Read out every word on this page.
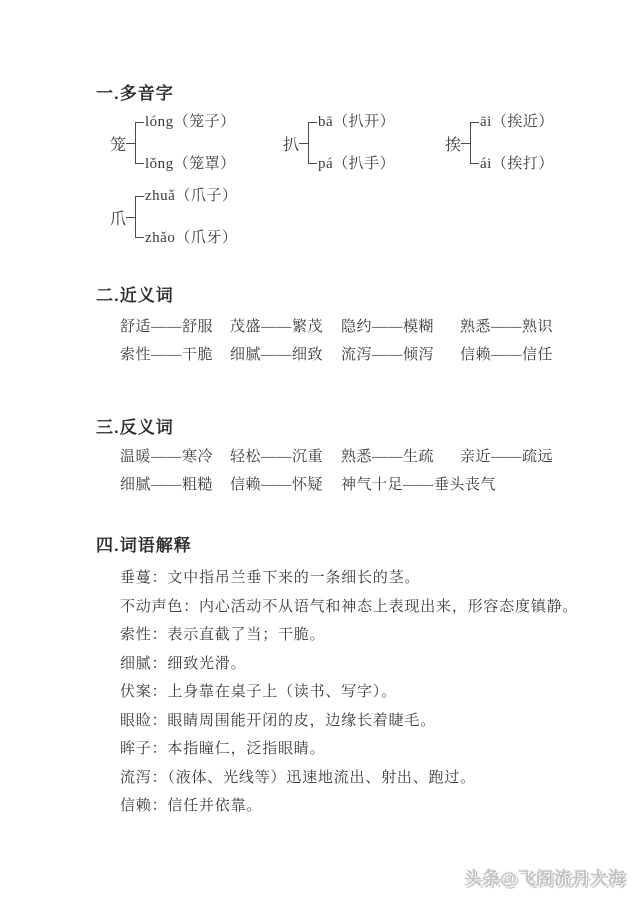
一.多音字
笼
lóng（笼子）
lǒng（笼罩）
扒
bā（扒开）
pá（扒手）
挨
āi（挨近）
ái（挨打）
爪
zhuǎ（爪子）
zhǎo（爪牙）
二.近义词
舒适——舒服	茂盛——繁茂	隐约——模糊	熟悉——熟识
索性——干脆	细腻——细致	流泻——倾泻	信赖——信任
三.反义词
温暖——寒冷	轻松——沉重	熟悉——生疏	亲近——疏远
细腻——粗糙	信赖——怀疑	神气十足——垂头丧气
四.词语解释
垂蔓：文中指吊兰垂下来的一条细长的茎。
不动声色：内心活动不从语气和神态上表现出来，形容态度镇静。
索性：表示直截了当；干脆。
细腻：细致光滑。
伏案：上身靠在桌子上（读书、写字）。
眼睑：眼睛周围能开闭的皮，边缘长着睫毛。
眸子：本指瞳仁，泛指眼睛。
流泻：（液体、光线等）迅速地流出、射出、跑过。
信赖：信任并依靠。
头条@飞阁流丹大海
